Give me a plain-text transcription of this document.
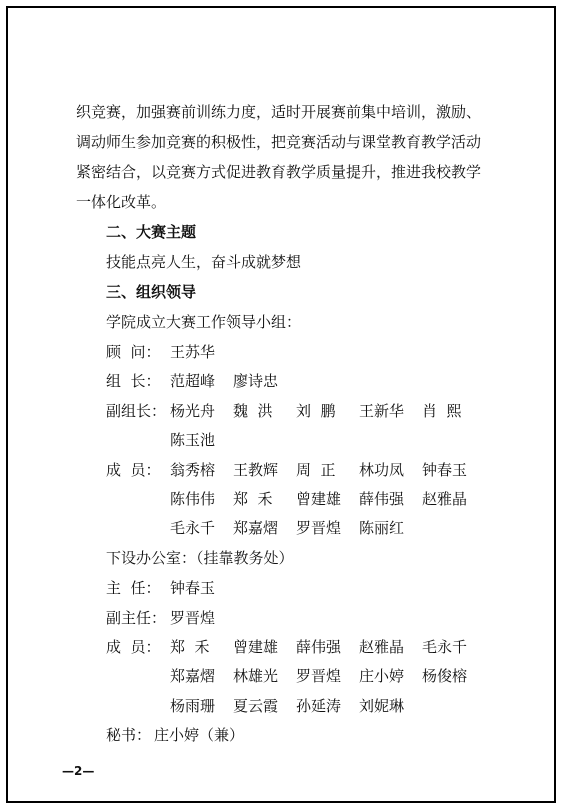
织竞赛，加强赛前训练力度，适时开展赛前集中培训，激励、
调动师生参加竞赛的积极性，把竞赛活动与课堂教育教学活动
紧密结合，以竞赛方式促进教育教学质量提升，推进我校教学
一体化改革。
二、大赛主题
技能点亮人生，奋斗成就梦想
三、组织领导
学院成立大赛工作领导小组：
顾  问： 王苏华
组  长： 范超峰 廖诗忠
副组长： 杨光舟 魏  洪 刘  鹏 王新华 肖  熙
陈玉池
成  员： 翁秀榕 王教辉 周  正 林功凤 钟春玉
陈伟伟 郑  禾 曾建雄 薛伟强 赵雅晶
毛永千 郑嘉熠 罗晋煌 陈丽红
下设办公室：（挂靠教务处）
主  任： 钟春玉
副主任： 罗晋煌
成  员： 郑  禾 曾建雄 薛伟强 赵雅晶 毛永千
郑嘉熠 林雄光 罗晋煌 庄小婷 杨俊榕
杨雨珊 夏云霞 孙延涛 刘妮琳
秘书： 庄小婷（兼）
—2—
